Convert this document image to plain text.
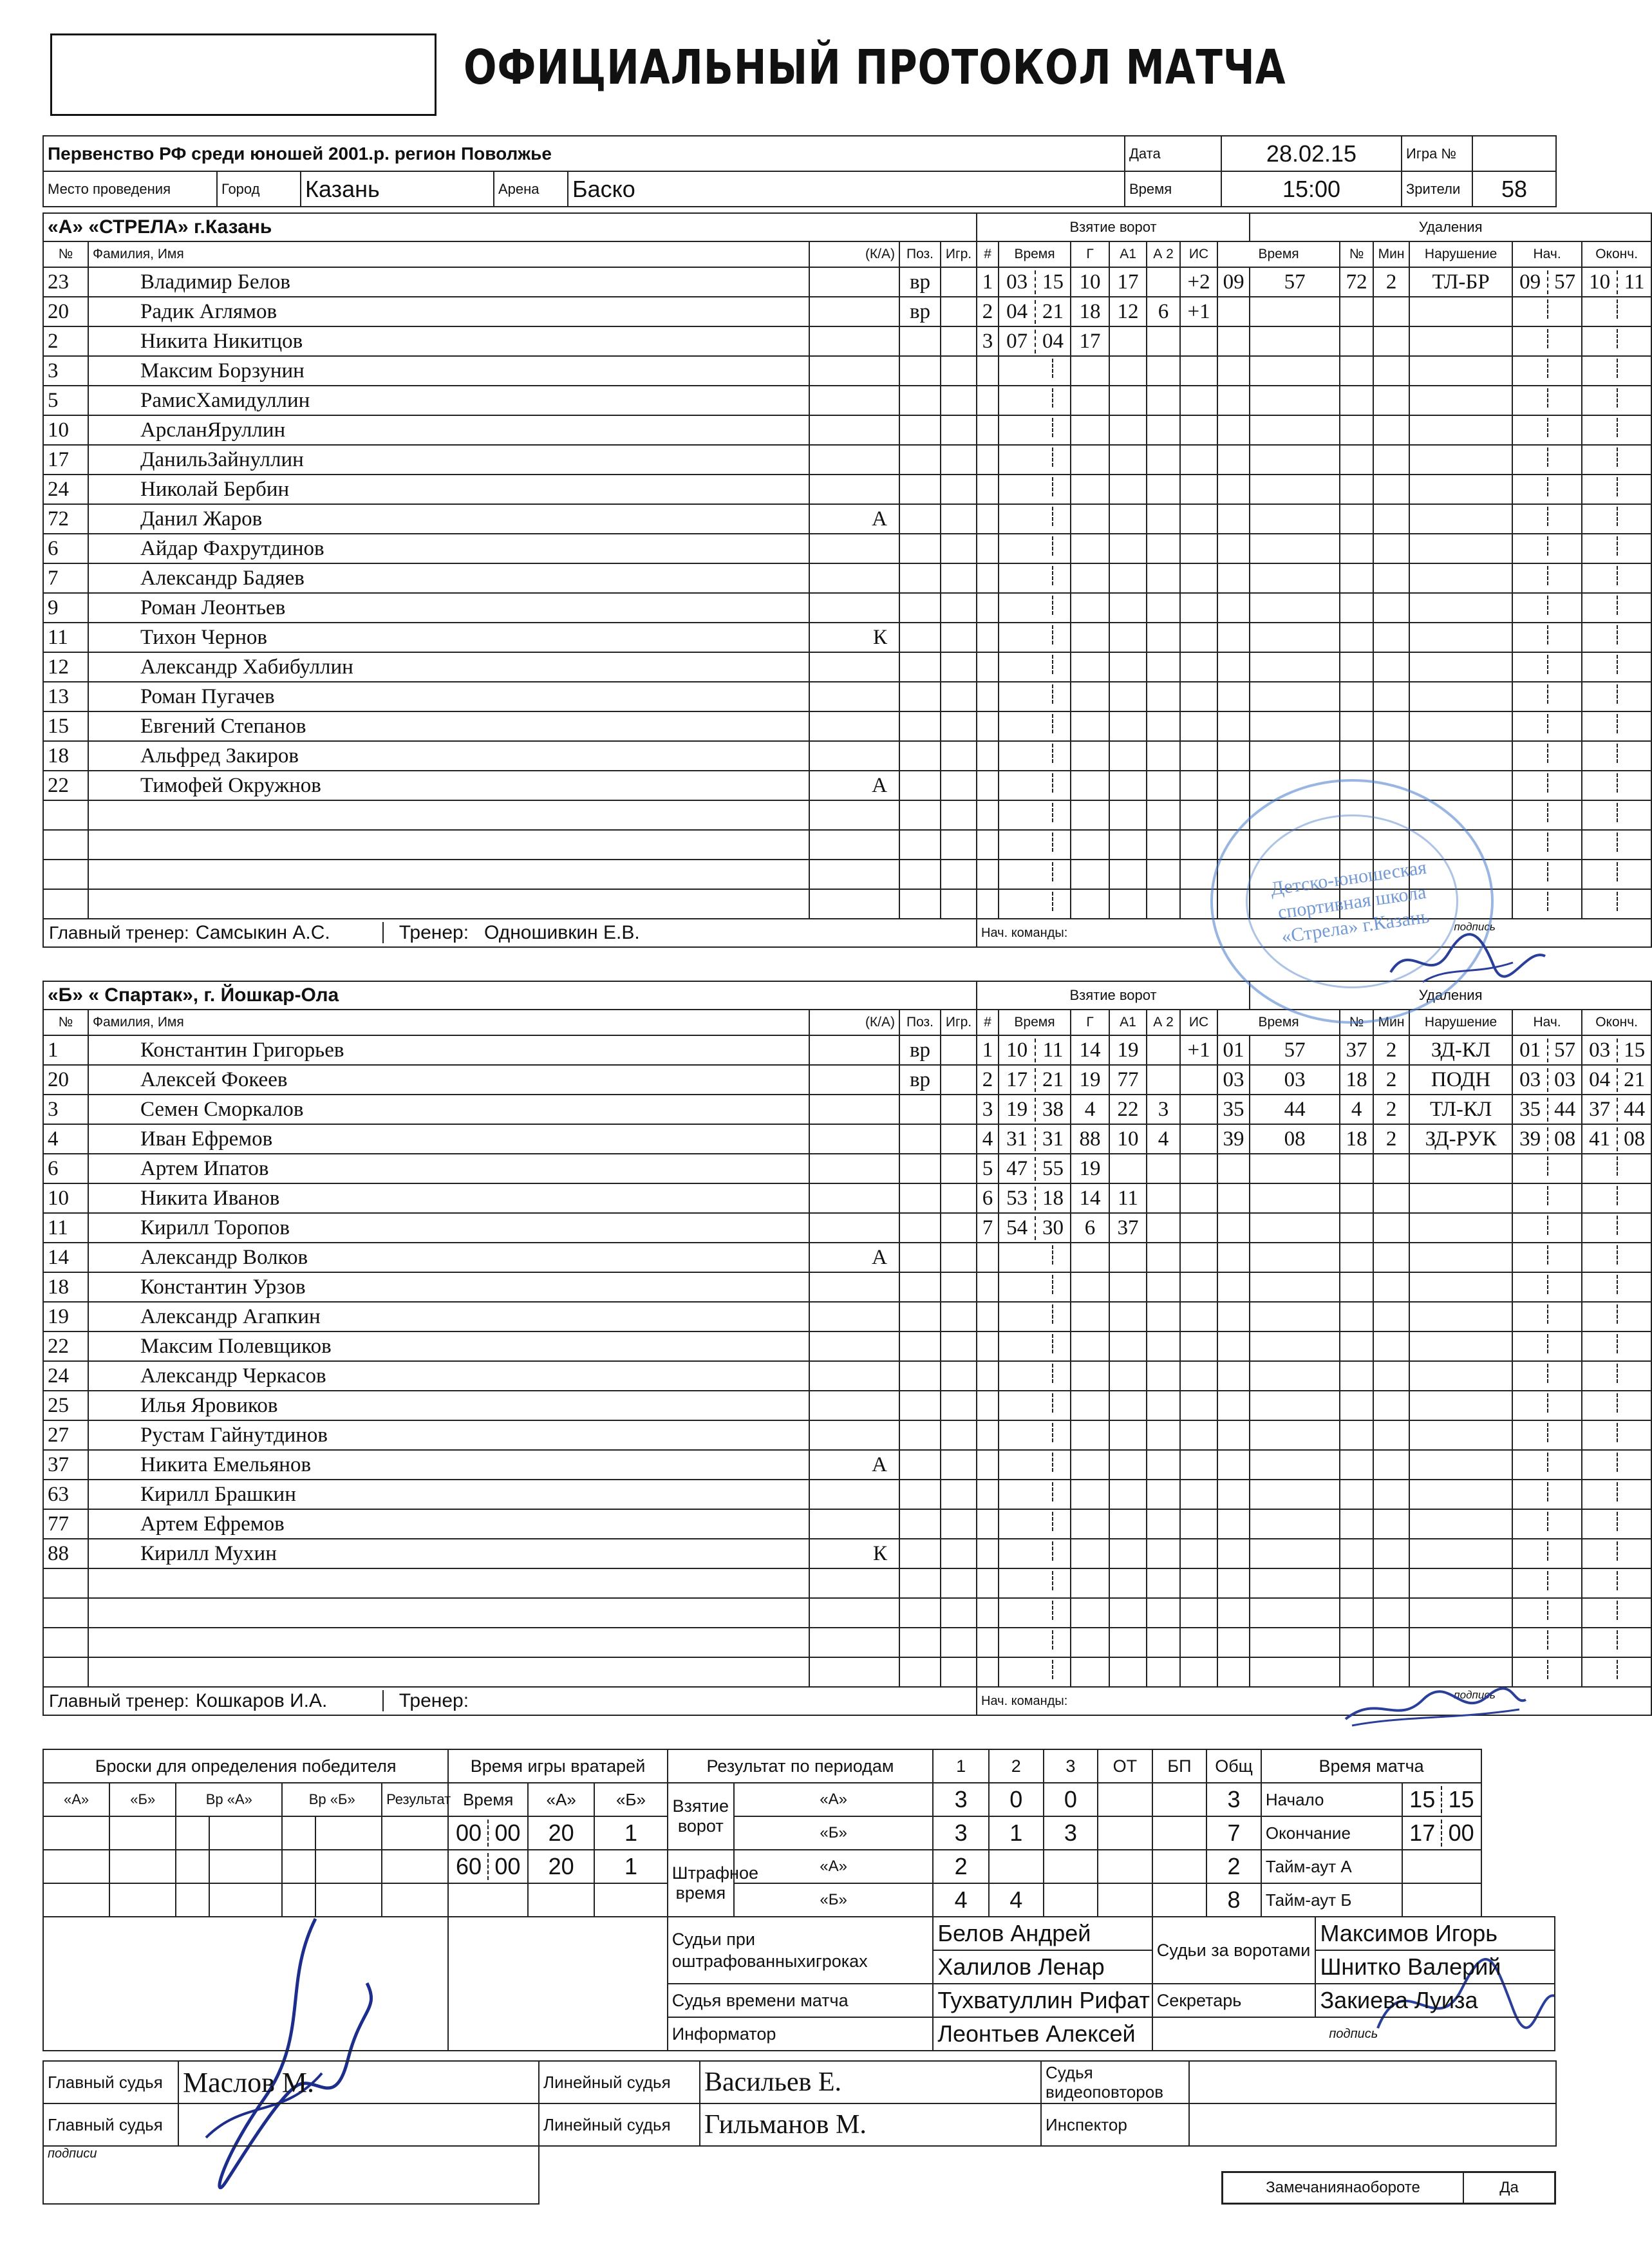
ОФИЦИАЛЬНЫЙ ПРОТОКОЛ МАТЧА
Первенство РФ среди юношей 2001.р. регион Поволжье	Дата	28.02.15	Игра №	
Место проведения	Город	Казань	Арена	Баско	Время	15:00	Зрители	58
«А» «СТРЕЛА» г.Казань					Взятие ворот							Удаления					
№	Фамилия, Имя	(К/А)	Поз.	Игр.	#	Время	Г	А1	А 2	ИС	Время		№	Мин	Нарушение	Нач.	Оконч.
23	Владимир Белов		вр		1	03 15	10	17		+2	09	57	72	2	ТЛ-БР	09 57	10 11
20	Радик Аглямов		вр		2	04 21	18	12	6	+1							
2	Никита Никитцов				3	07 04	17										
3	Максим Борзунин																
5	РамисХамидуллин																
10	АрсланЯруллин																
17	ДанильЗайнуллин																
24	Николай Бербин																
72	Данил Жаров	А															
6	Айдар Фахрутдинов																
7	Александр Бадяев																
9	Роман Леонтьев																
11	Тихон Чернов	К															
12	Александр Хабибуллин																
13	Роман Пугачев																
15	Евгений Степанов																
18	Альфред Закиров																
22	Тимофей Окружнов	А															

Главный тренер: Самсыкин А.С. Тренер: Одношивкин Е.В.					Нач. команды: $^{подпись}$
«Б» « Спартак», г. Йошкар-Ола					Взятие ворот							Удаления					
№	Фамилия, Имя	(К/А)	Поз.	Игр.	#	Время	Г	А1	А 2	ИС	Время		№	Мин	Нарушение	Нач.	Оконч.
1	Константин Григорьев		вр		1	10 11	14	19		+1	01	57	37	2	ЗД-КЛ	01 57	03 15
20	Алексей Фокеев		вр		2	17 21	19	77			03	03	18	2	ПОДН	03 03	04 21
3	Семен Сморкалов				3	19 38	4	22	3		35	44	4	2	ТЛ-КЛ	35 44	37 44
4	Иван Ефремов				4	31 31	88	10	4		39	08	18	2	ЗД-РУК	39 08	41 08
6	Артем Ипатов				5	47 55	19										
10	Никита Иванов				6	53 18	14	11									
11	Кирилл Торопов				7	54 30	6	37									
14	Александр Волков	А															
18	Константин Урзов																
19	Александр Агапкин																
22	Максим Полевщиков																
24	Александр Черкасов																
25	Илья Яровиков																
27	Рустам Гайнутдинов																
37	Никита Емельянов	А															
63	Кирилл Брашкин																
77	Артем Ефремов																
88	Кирилл Мухин	К															

Главный тренер: Кошкаров И.А. Тренер:					Нач. команды: $^{подпись}$
Детско-юношеская спортивная школа «Стрела» г.Казань
Броски для определения победителя							Время игры вратарей			Результат по периодам		1	2	3	ОТ	БП	Общ	Время матча		
«А»	«Б»	Вр «А»		Вр «Б»		Результат	Время	«А»	«Б»	Взятие ворот	«А»	3	0	0			3	Начало		15 15
							00 00	20	1		«Б»	3	1	3			7	Окончание		17 00
							60 00	20	1	Штрафное время	«А»	2					2	Тайм-аут А		
											«Б»	4	4				8	Тайм-аут Б		
										Судьи при оштрафованныхигроках		Белов Андрей				Судьи за воротами			Максимов Игорь	
												Халилов Ленар							Шнитко Валерий	
										Судья времени матча		Тухватуллин Рифат				Секретарь			Закиева Луиза	
										Информатор		Леонтьев Алексей				подпись				
Главный судья	Маслов М.	Линейный судья	Васильев Е.	Судья видеоповторов	
Главный судья		Линейный судья	Гильманов М.	Инспектор	
подписи		Замечаниянаобороте Да			
